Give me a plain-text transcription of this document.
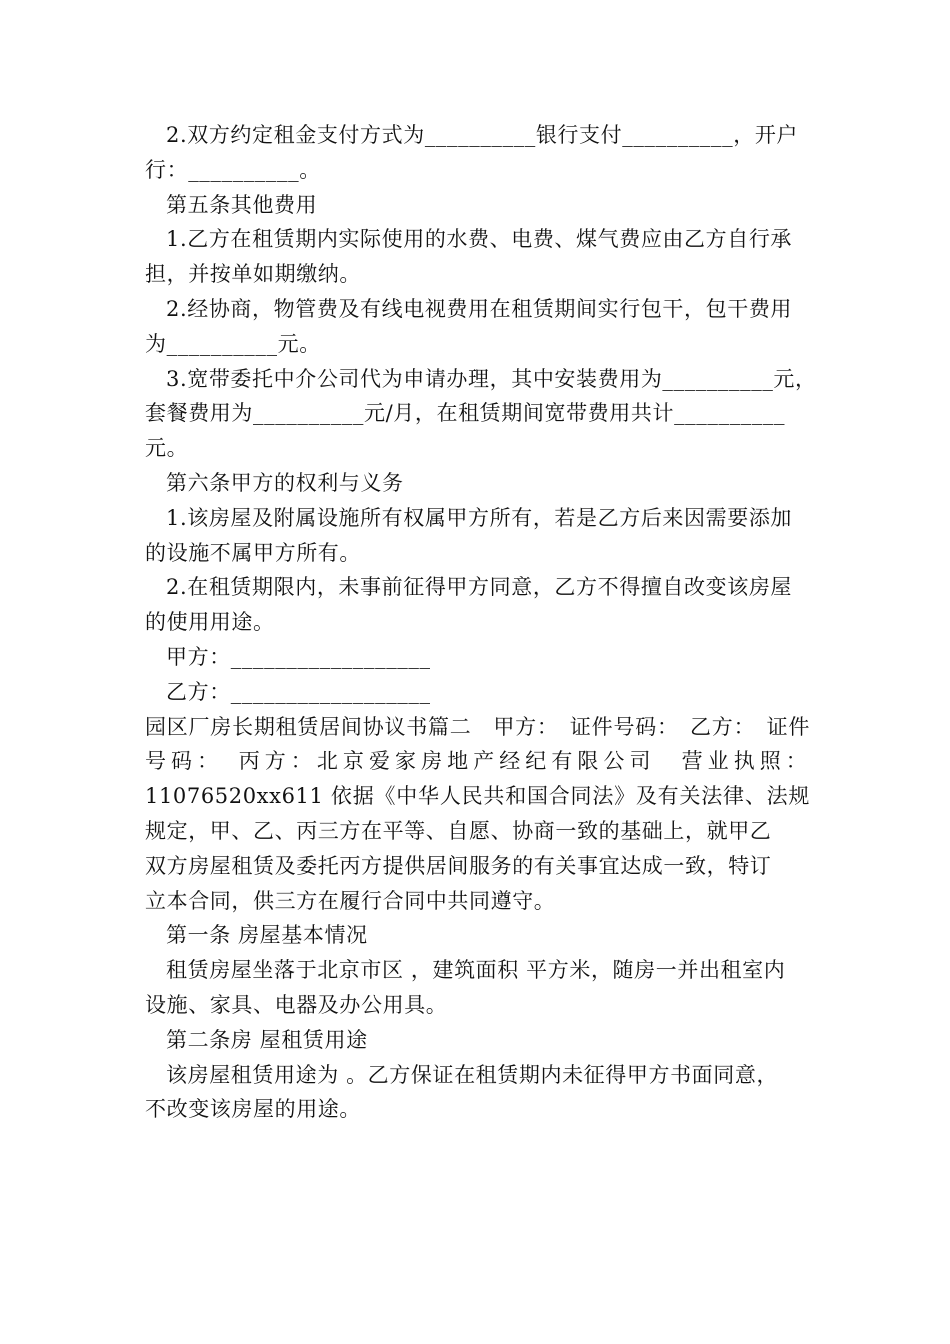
2.双方约定租金支付方式为__________银行支付__________，开户
行：__________。
第五条其他费用
1.乙方在租赁期内实际使用的水费、电费、煤气费应由乙方自行承
担，并按单如期缴纳。
2.经协商，物管费及有线电视费用在租赁期间实行包干，包干费用
为__________元。
3.宽带委托中介公司代为申请办理，其中安装费用为__________元，
套餐费用为__________元/月，在租赁期间宽带费用共计__________
元。
第六条甲方的权利与义务
1.该房屋及附属设施所有权属甲方所有，若是乙方后来因需要添加
的设施不属甲方所有。
2.在租赁期限内，未事前征得甲方同意，乙方不得擅自改变该房屋
的使用用途。
甲方：__________________
乙方：__________________
园区厂房长期租赁居间协议书篇二　甲方：　证件号码：　乙方：　证件
号码：　丙方：北京爱家房地产经纪有限公司　营业执照：
11076520xx611 依据《中华人民共和国合同法》及有关法律、法规
规定，甲、乙、丙三方在平等、自愿、协商一致的基础上，就甲乙
双方房屋租赁及委托丙方提供居间服务的有关事宜达成一致，特订
立本合同，供三方在履行合同中共同遵守。
第一条 房屋基本情况
租赁房屋坐落于北京市区 ，建筑面积 平方米，随房一并出租室内
设施、家具、电器及办公用具。
第二条房 屋租赁用途
该房屋租赁用途为 。乙方保证在租赁期内未征得甲方书面同意，
不改变该房屋的用途。
